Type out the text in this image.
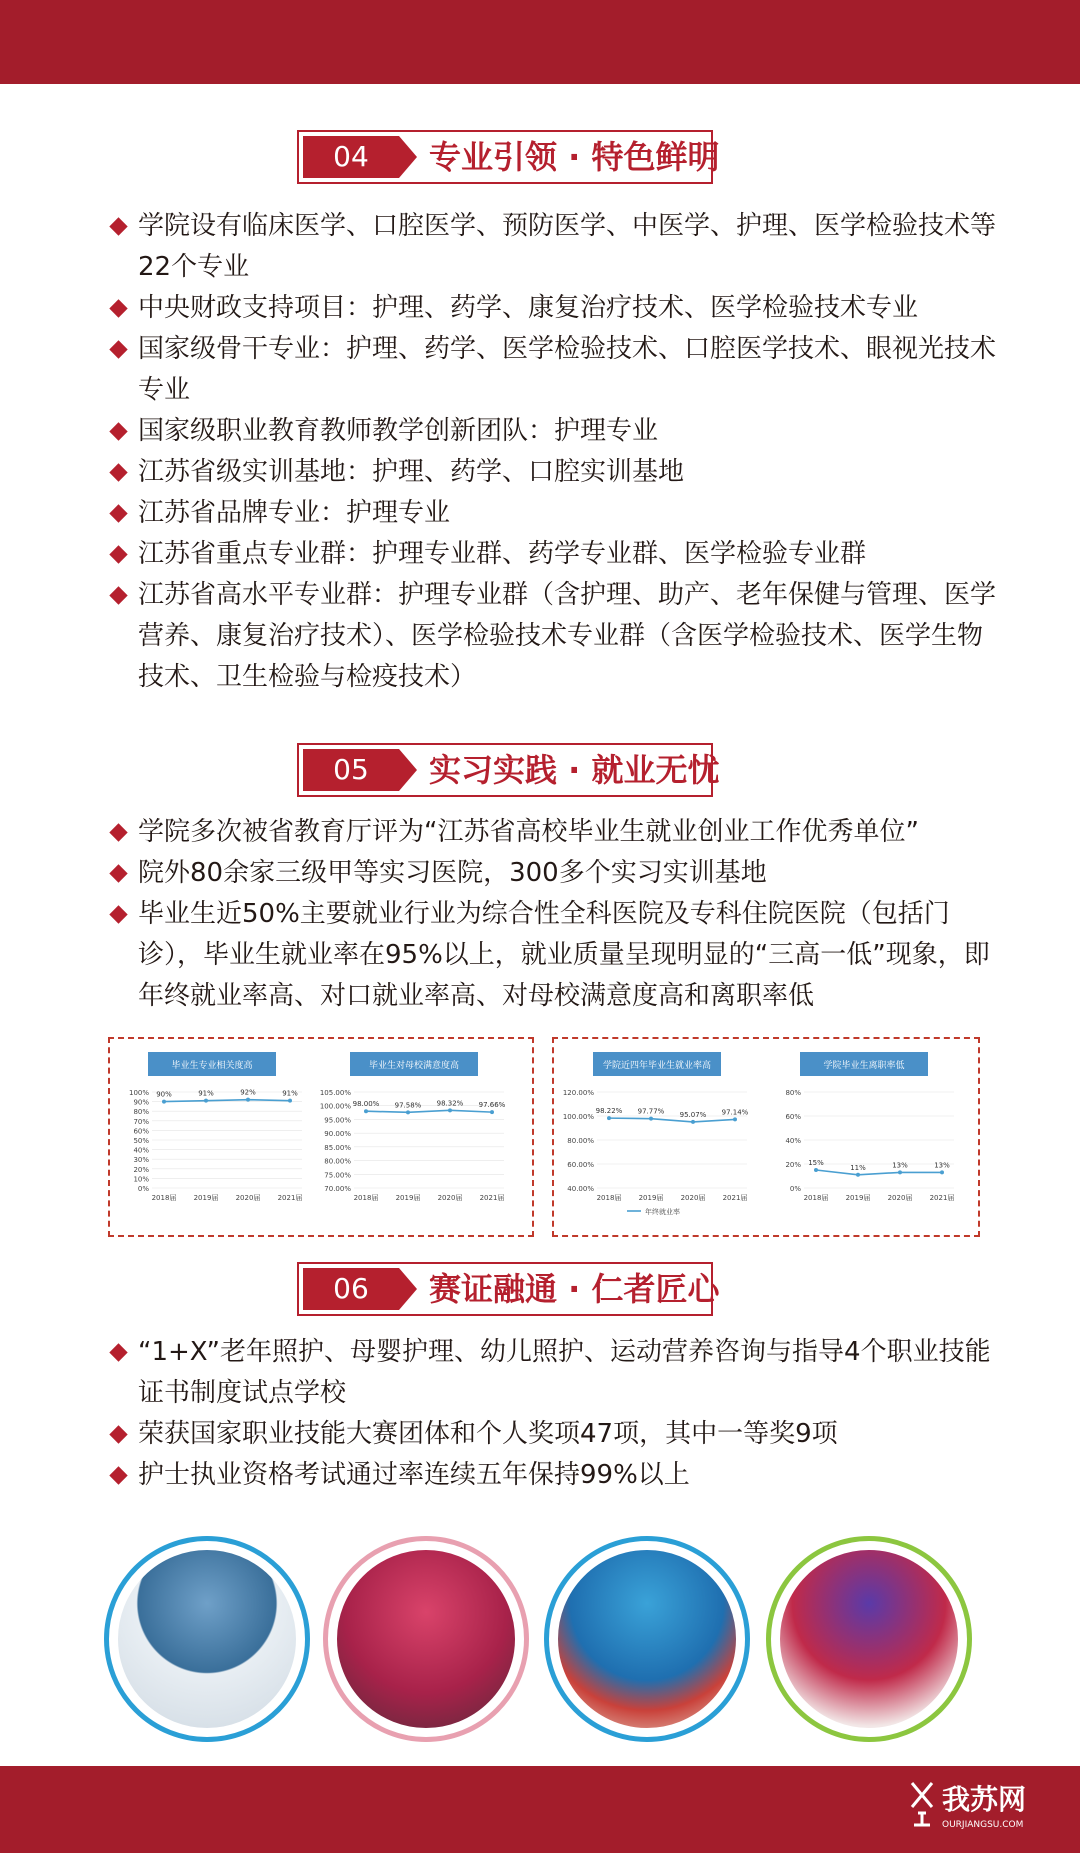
04	专业引领 · 特色鲜明
学院设有临床医学、口腔医学、预防医学、中医学、护理、医学检验技术等22个专业
中央财政支持项目：护理、药学、康复治疗技术、医学检验技术专业
国家级骨干专业：护理、药学、医学检验技术、口腔医学技术、眼视光技术专业
国家级职业教育教师教学创新团队：护理专业
江苏省级实训基地：护理、药学、口腔实训基地
江苏省品牌专业：护理专业
江苏省重点专业群：护理专业群、药学专业群、医学检验专业群
江苏省高水平专业群：护理专业群（含护理、助产、老年保健与管理、医学营养、康复治疗技术）、医学检验技术专业群（含医学检验技术、医学生物技术、卫生检验与检疫技术）
05	实习实践 · 就业无忧
学院多次被省教育厅评为“江苏省高校毕业生就业创业工作优秀单位”
院外80余家三级甲等实习医院，300多个实习实训基地
毕业生近50%主要就业行业为综合性全科医院及专科住院医院（包括门诊），毕业生就业率在95%以上，就业质量呈现明显的“三高一低”现象，即年终就业率高、对口就业率高、对母校满意度高和离职率低
毕业生专业相关度高
100%
90%
80%
70%
60%
50%
40%
30%
20%
10%
0%
90%
2018届
91%
2019届
92%
2020届
91%
2021届
毕业生对母校满意度高
105.00%
100.00%
95.00%
90.00%
85.00%
80.00%
75.00%
70.00%
98.00%
2018届
97.58%
2019届
98.32%
2020届
97.66%
2021届
学院近四年毕业生就业率高
120.00%
100.00%
80.00%
60.00%
40.00%
98.22%
2018届
97.77%
2019届
95.07%
2020届
97.14%
2021届
年终就业率
学院毕业生离职率低
80%
60%
40%
20%
0%
15%
2018届
11%
2019届
13%
2020届
13%
2021届
06	赛证融通 · 仁者匠心
“1+X”老年照护、母婴护理、幼儿照护、运动营养咨询与指导4个职业技能证书制度试点学校
荣获国家职业技能大赛团体和个人奖项47项，其中一等奖9项
护士执业资格考试通过率连续五年保持99%以上
我苏网
OURJIANGSU.COM
